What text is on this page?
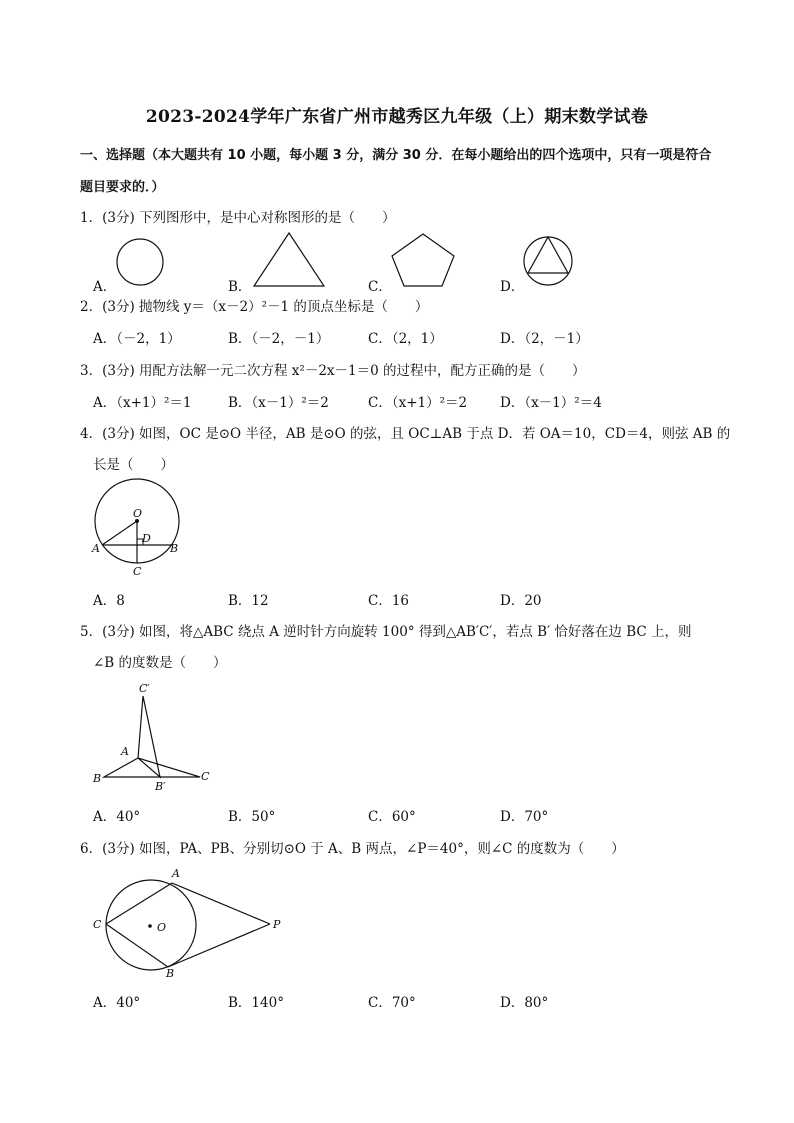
2023-2024学年广东省广州市越秀区九年级（上）期末数学试卷
一、选择题（本大题共有 10 小题，每小题 3 分，满分 30 分．在每小题给出的四个选项中，只有一项是符合
题目要求的．）
1．(3分) 下列图形中，是中心对称图形的是（　　）
A．	B．	C．	D．
2．(3分) 抛物线 y＝（x－2）²－1 的顶点坐标是（　　）
A．（－2，1）	B．（－2，－1）	C．（2，1）	D．（2，－1）
3．(3分) 用配方法解一元二次方程 x²－2x－1＝0 的过程中，配方正确的是（　　）
A．（x+1）²＝1	B．（x－1）²＝2	C．（x+1）²＝2 D．（x－1）²＝4
4．(3分) 如图，OC 是⊙O 半径，AB 是⊙O 的弦，且 OC⊥AB 于点 D．若 OA＝10，CD＝4，则弦 AB 的
长是（　　）
O
D
A	B
C
A．8	B．12	C．16	D．20
5．(3分) 如图，将△ABC 绕点 A 逆时针方向旋转 100° 得到△AB′C′，若点 B′ 恰好落在边 BC 上，则
∠B 的度数是（　　）
C′
A
B
B′
C
A．40°	B．50°	C．60°	D．70°
6．(3分) 如图，PA、PB、分别切⊙O 于 A、B 两点，∠P＝40°，则∠C 的度数为（　　）
A
B
C	O	P
A．40°	B．140°	C．70°	D．80°
